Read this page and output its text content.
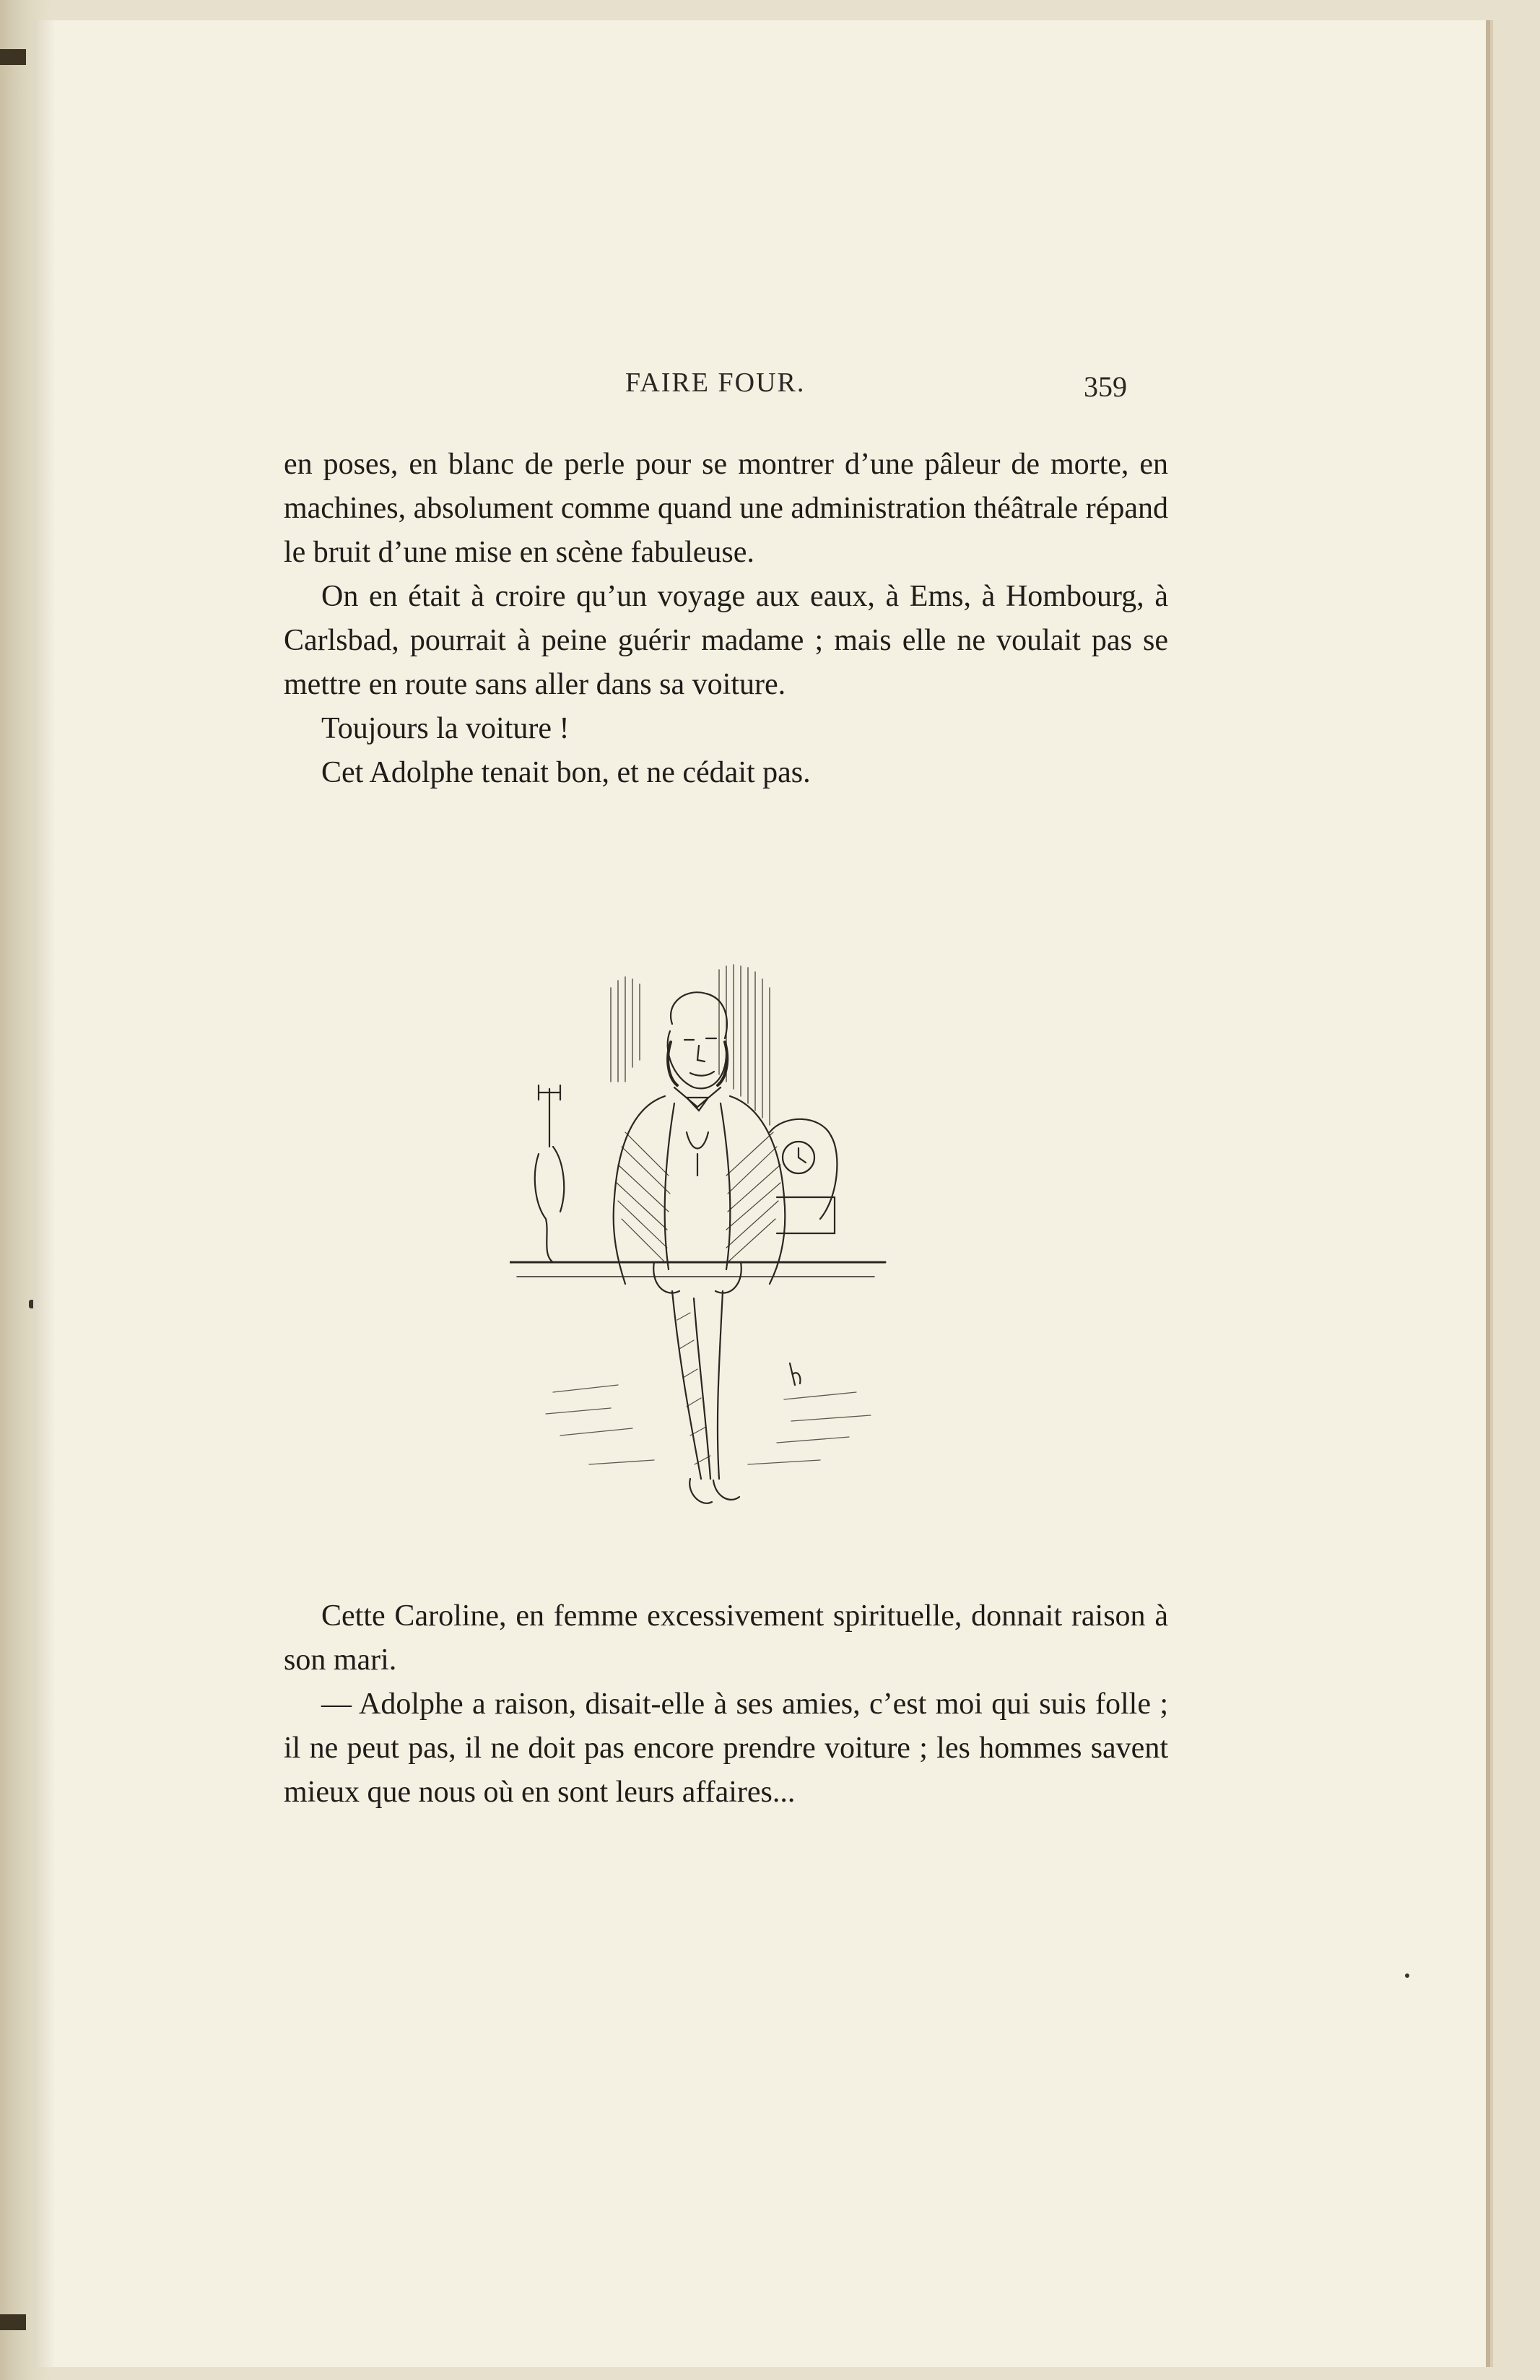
FAIRE FOUR.	359

en poses, en blanc de perle pour se montrer d’une pâleur de morte, en machines, absolument comme quand une administration théâtrale répand le bruit d’une mise en scène fabuleuse.

On en était à croire qu’un voyage aux eaux, à Ems, à Hombourg, à Carlsbad, pourrait à peine guérir madame ; mais elle ne voulait pas se mettre en route sans aller dans sa voiture.

Toujours la voiture !

Cet Adolphe tenait bon, et ne cédait pas.

Cette Caroline, en femme excessivement spirituelle, donnait raison à son mari.

— Adolphe a raison, disait-elle à ses amies, c’est moi qui suis folle ; il ne peut pas, il ne doit pas encore prendre voiture ; les hommes savent mieux que nous où en sont leurs affaires...
